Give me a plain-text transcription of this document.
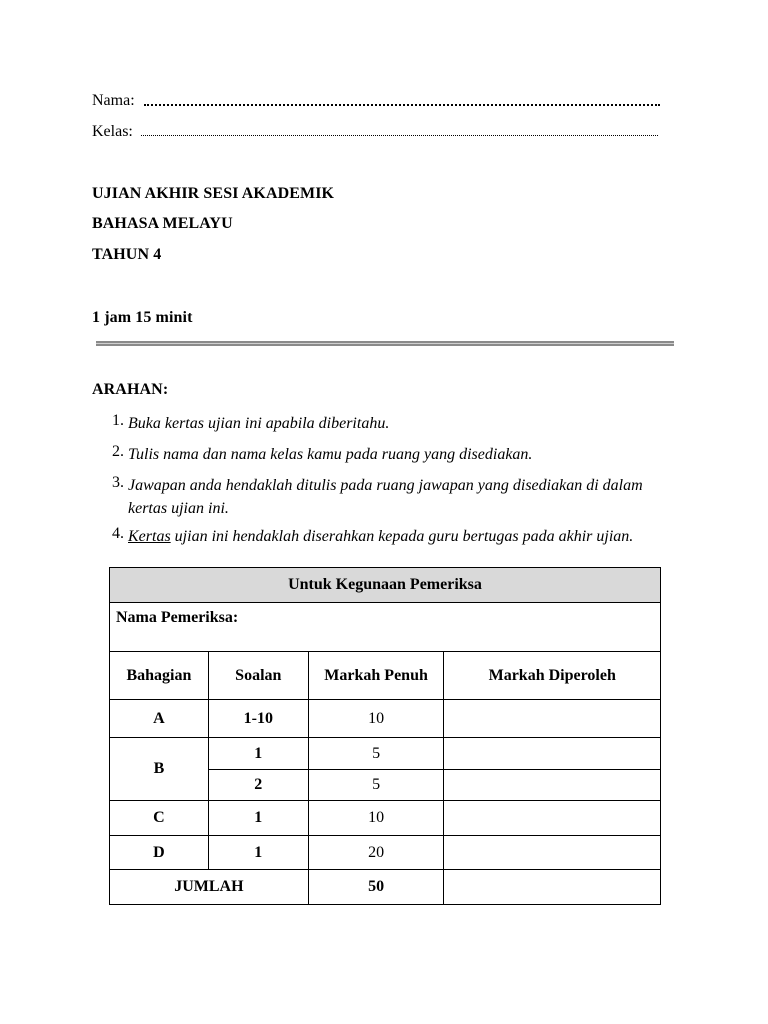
Nama:
Kelas:
UJIAN AKHIR SESI AKADEMIK
BAHASA MELAYU
TAHUN 4
1 jam 15 minit
ARAHAN:
1. Buka kertas ujian ini apabila diberitahu.
2. Tulis nama dan nama kelas kamu pada ruang yang disediakan.
3. Jawapan anda hendaklah ditulis pada ruang jawapan yang disediakan di dalam kertas ujian ini.
4. Kertas ujian ini hendaklah diserahkan kepada guru bertugas pada akhir ujian.
Untuk Kegunaan Pemeriksa			
Nama Pemeriksa:			
Bahagian	Soalan	Markah Penuh	Markah Diperoleh
A	1-10	10	
B	1	5	
	2	5	
C	1	10	
D	1	20	
JUMLAH		50	
